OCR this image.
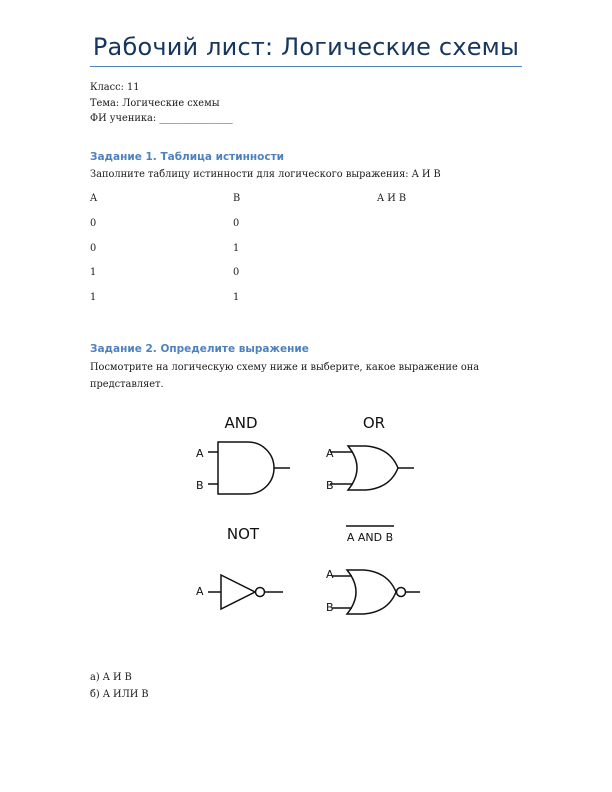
Рабочий лист: Логические схемы
Класс: 11
Тема: Логические схемы
ФИ ученика: _______________
Задание 1. Таблица истинности
Заполните таблицу истинности для логического выражения: A И B
A	B	A И B
0	0
0	1
1	0
1	1
Задание 2. Определите выражение
Посмотрите на логическую схему ниже и выберите, какое выражение она представляет.
AND	OR
NOT	A AND B
A
B
A
B
A
A
B
а) A И B
б) A ИЛИ B
